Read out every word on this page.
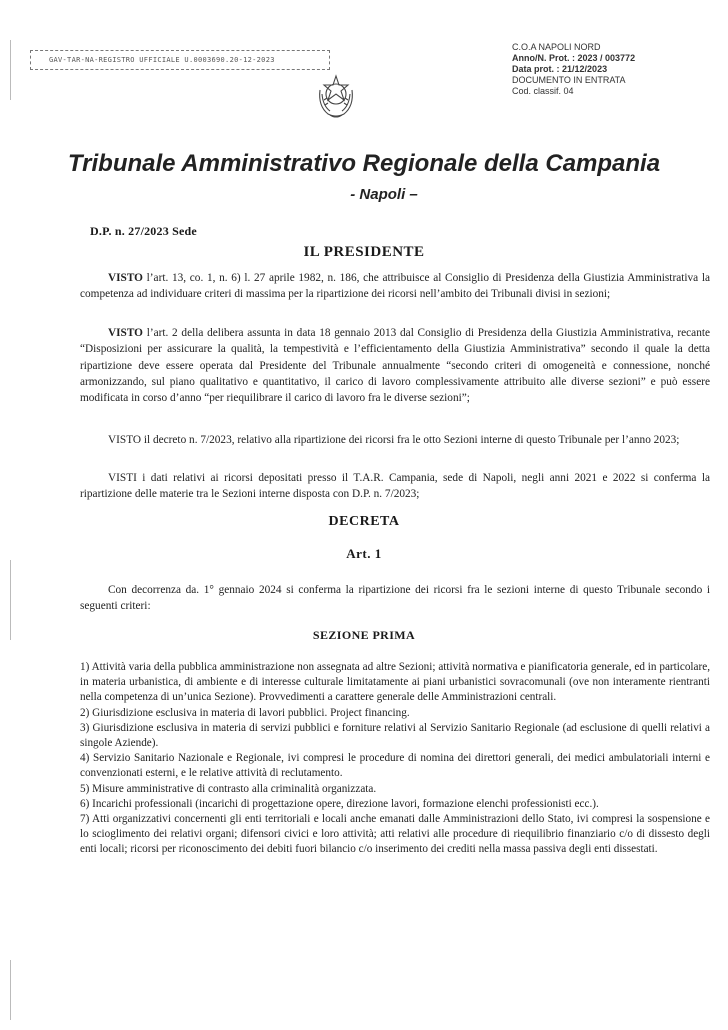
GAV-TAR-NA-REGISTRO UFFICIALE U.0003690.20-12-2023
C.O.A NAPOLI NORD
Anno/N. Prot. : 2023 / 003772
Data prot. : 21/12/2023
DOCUMENTO IN ENTRATA
Cod. classif. 04
Tribunale Amministrativo Regionale della Campania
- Napoli –
D.P. n. 27/2023 Sede
IL PRESIDENTE
VISTO l’art. 13, co. 1, n. 6) l. 27 aprile 1982, n. 186, che attribuisce al Consiglio di Presidenza della Giustizia Amministrativa la competenza ad individuare criteri di massima per la ripartizione dei ricorsi nell’ambito dei Tribunali divisi in sezioni;
VISTO l’art. 2 della delibera assunta in data 18 gennaio 2013 dal Consiglio di Presidenza della Giustizia Amministrativa, recante “Disposizioni per assicurare la qualità, la tempestività e l’efficientamento della Giustizia Amministrativa” secondo il quale la detta ripartizione deve essere operata dal Presidente del Tribunale annualmente “secondo criteri di omogeneità e connessione, nonché armonizzando, sul piano qualitativo e quantitativo, il carico di lavoro complessivamente attribuito alle diverse sezioni” e può essere modificata in corso d’anno “per riequilibrare il carico di lavoro fra le diverse sezioni”;
VISTO il decreto n. 7/2023, relativo alla ripartizione dei ricorsi fra le otto Sezioni interne di questo Tribunale per l’anno 2023;
VISTI i dati relativi ai ricorsi depositati presso il T.A.R. Campania, sede di Napoli, negli anni 2021 e 2022 si conferma la ripartizione delle materie tra le Sezioni interne disposta con D.P. n. 7/2023;
DECRETA
Art. 1
Con decorrenza da. 1° gennaio 2024 si conferma la ripartizione dei ricorsi fra le sezioni interne di questo Tribunale secondo i seguenti criteri:
SEZIONE PRIMA

1) Attività varia della pubblica amministrazione non assegnata ad altre Sezioni; attività normativa e pianificatoria generale, ed in particolare, in materia urbanistica, di ambiente e di interesse culturale limitatamente ai piani urbanistici sovracomunali (ove non interamente rientranti nella competenza di un’unica Sezione). Provvedimenti a carattere generale delle Amministrazioni centrali.

2) Giurisdizione esclusiva in materia di lavori pubblici. Project financing.

3) Giurisdizione esclusiva in materia di servizi pubblici e forniture relativi al Servizio Sanitario Regionale (ad esclusione di quelli relativi a singole Aziende).

4) Servizio Sanitario Nazionale e Regionale, ivi compresi le procedure di nomina dei direttori generali, dei medici ambulatoriali interni e convenzionati esterni, e le relative attività di reclutamento.

5) Misure amministrative di contrasto alla criminalità organizzata.

6) Incarichi professionali (incarichi di progettazione opere, direzione lavori, formazione elenchi professionisti ecc.).

7) Atti organizzativi concernenti gli enti territoriali e locali anche emanati dalle Amministrazioni dello Stato, ivi compresi la sospensione e lo scioglimento dei relativi organi; difensori civici e loro attività; atti relativi alle procedure di riequilibrio finanziario c/o di dissesto degli enti locali; ricorsi per riconoscimento dei debiti fuori bilancio c/o inserimento dei crediti nella massa passiva degli enti dissestati.
